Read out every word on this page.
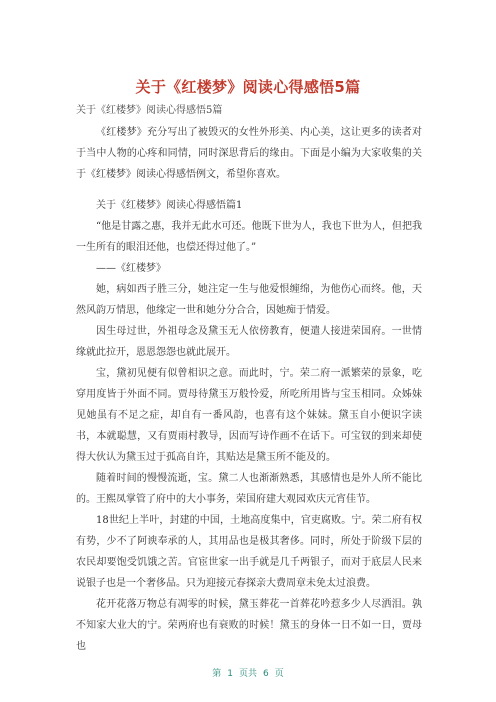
关于《红楼梦》阅读心得感悟5篇
关于《红楼梦》阅读心得感悟5篇

《红楼梦》充分写出了被毁灭的女性外形美、内心美，这让更多的读者对于当中人物的心疼和同情，同时深思背后的缘由。下面是小编为大家收集的关于《红楼梦》阅读心得感悟例文，希望你喜欢。

关于《红楼梦》阅读心得感悟篇1

“他是甘露之惠，我并无此水可还。他既下世为人，我也下世为人，但把我一生所有的眼泪还他，也偿还得过他了。”

——《红楼梦》

她，病如西子胜三分，她注定一生与他爱恨缠绵，为他伤心而终。他，天然风韵万情思，他缘定一世和她分分合合，因她痴于情爱。

因生母过世，外祖母念及黛玉无人依傍教育，便遣人接进荣国府。一世情缘就此拉开，恩恩怨怨也就此展开。

宝，黛初见便有似曾相识之意。而此时，宁。荣二府一派繁荣的景象，吃穿用度皆于外面不同。贾母待黛玉万般怜爱，所吃所用皆与宝玉相同。众姊妹见她虽有不足之症，却自有一番风韵，也喜有这个妹妹。黛玉自小便识字读书，本就聪慧，又有贾雨村教导，因而写诗作画不在话下。可宝钗的到来却使得大伙认为黛玉过于孤高自许，其贴达是黛玉所不能及的。

随着时间的慢慢流逝，宝。黛二人也渐渐熟悉，其感情也是外人所不能比的。王熙凤掌管了府中的大小事务，荣国府建大观园欢庆元宵佳节。

18世纪上半叶，封建的中国，土地高度集中，官吏腐败。宁。荣二府有权有势，少不了阿谀奉承的人，其用品也是极其奢侈。同时，所处于阶级下层的农民却要饱受饥饿之苦。官宦世家一出手就是几千两银子，而对于底层人民来说银子也是一个奢侈品。只为迎接元春探亲大费周章未免太过浪费。

花开花落万物总有凋零的时候，黛玉葬花一首葬花吟惹多少人尽洒泪。孰不知家大业大的宁。荣两府也有衰败的时候！黛玉的身体一日不如一日，贾母也

第 1 页共 6 页
